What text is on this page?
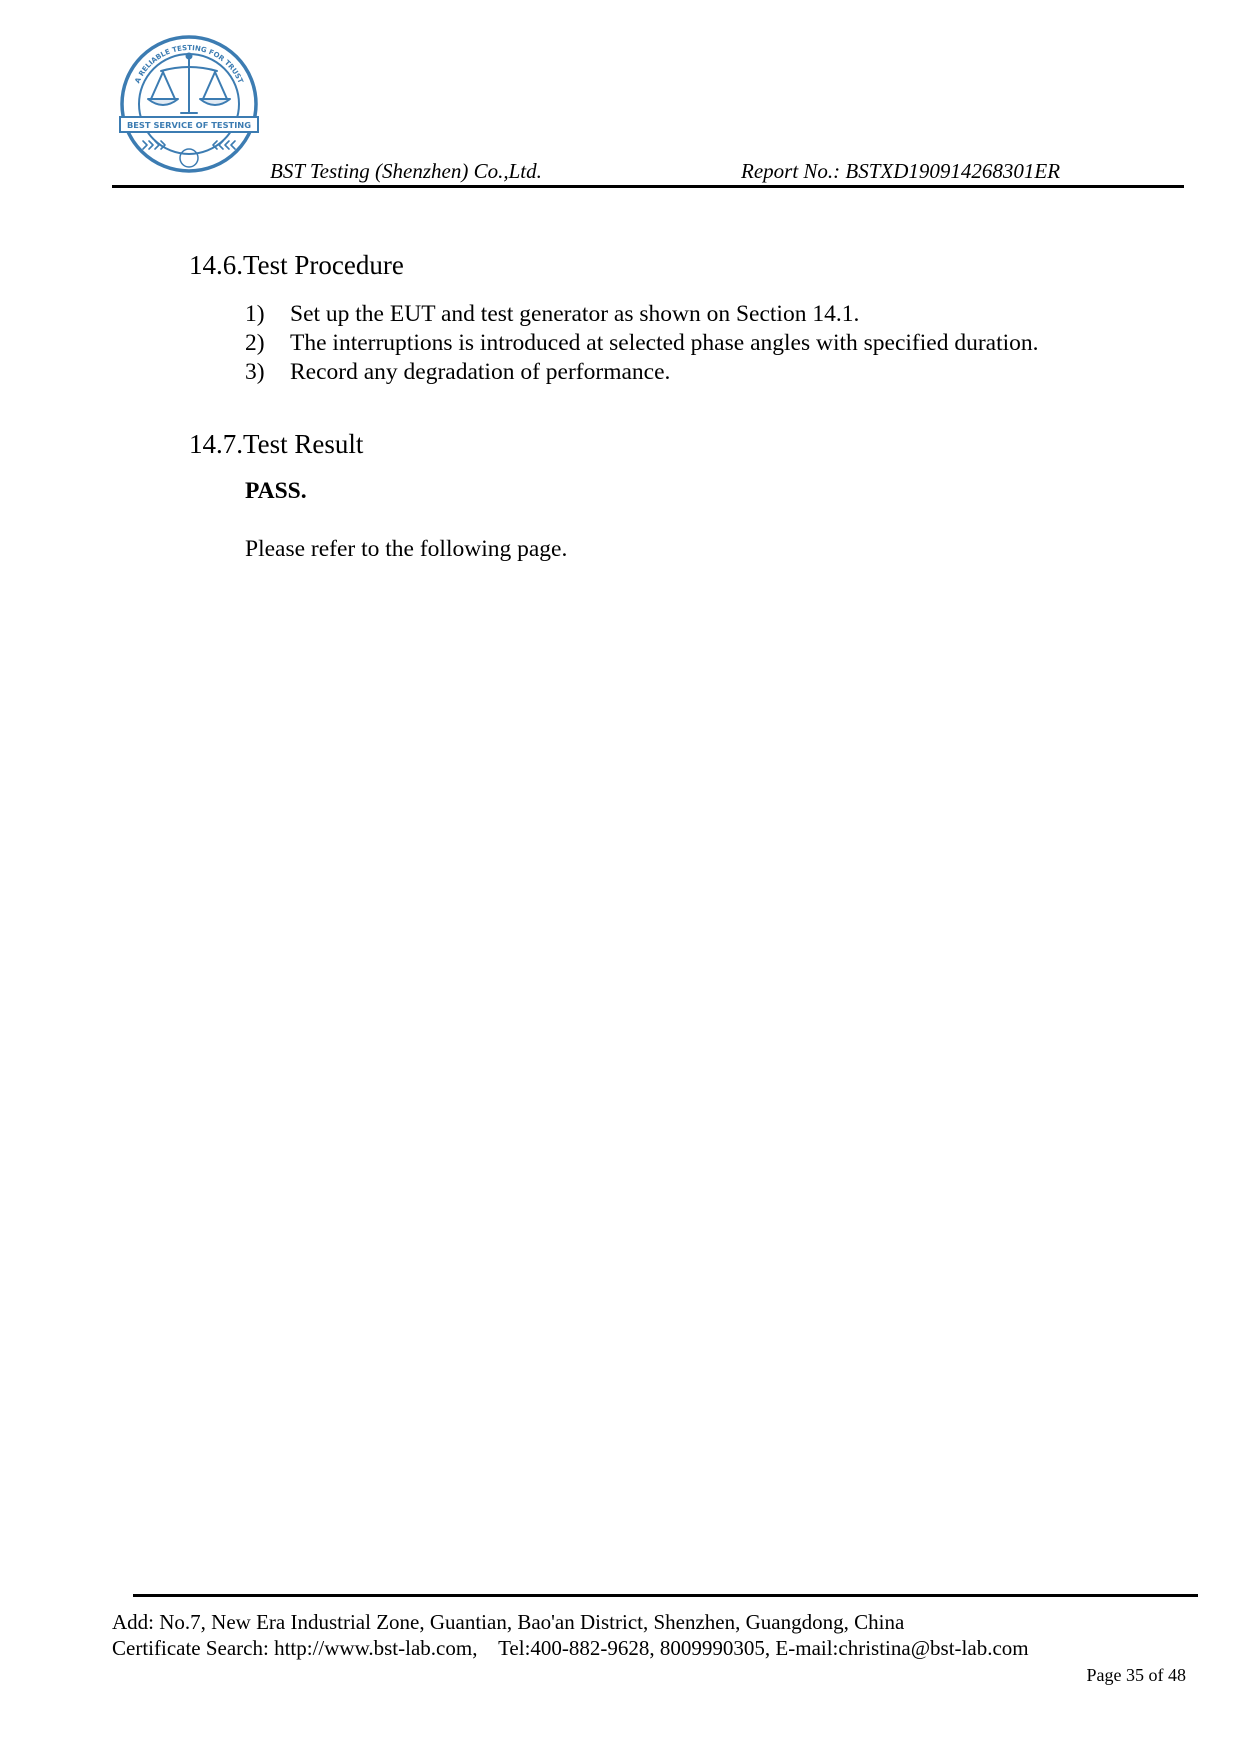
BEST SERVICE OF TESTING
A RELIABLE TESTING FOR TRUST
BST Testing (Shenzhen) Co.,Ltd.	Report No.: BSTXD190914268301ER
14.6.Test Procedure
1)	Set up the EUT and test generator as shown on Section 14.1.
2)	The interruptions is introduced at selected phase angles with specified duration.
3)	Record any degradation of performance.
14.7.Test Result
PASS.
Please refer to the following page.
Add: No.7, New Era Industrial Zone, Guantian, Bao'an District, Shenzhen, Guangdong, China
Certificate Search: http://www.bst-lab.com,    Tel:400-882-9628, 8009990305, E-mail:christina@bst-lab.com
Page 35 of 48
